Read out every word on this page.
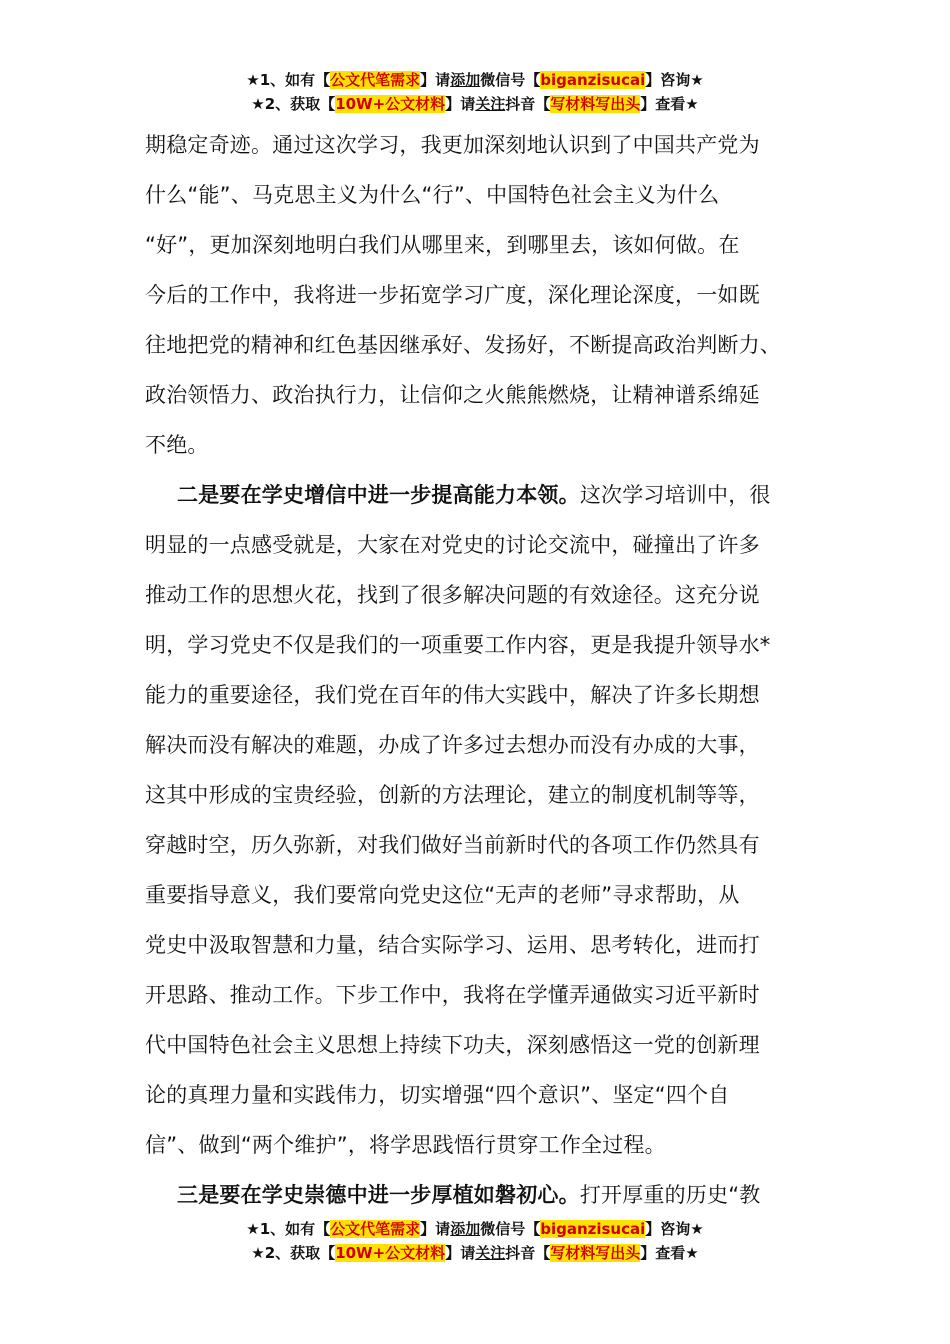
★1、如有【公文代笔需求】请添加微信号【biganzisucai】咨询★
★2、获取【10W+公文材料】请关注抖音【写材料写出头】查看★
期稳定奇迹。通过这次学习，我更加深刻地认识到了中国共产党为
什么“能”、马克思主义为什么“行”、中国特色社会主义为什么
“好”，更加深刻地明白我们从哪里来，到哪里去，该如何做。在
今后的工作中，我将进一步拓宽学习广度，深化理论深度，一如既
往地把党的精神和红色基因继承好、发扬好，不断提高政治判断力、
政治领悟力、政治执行力，让信仰之火熊熊燃烧，让精神谱系绵延
不绝。
二是要在学史增信中进一步提高能力本领。这次学习培训中，很
明显的一点感受就是，大家在对党史的讨论交流中，碰撞出了许多
推动工作的思想火花，找到了很多解决问题的有效途径。这充分说
明，学习党史不仅是我们的一项重要工作内容，更是我提升领导水*
能力的重要途径，我们党在百年的伟大实践中，解决了许多长期想
解决而没有解决的难题，办成了许多过去想办而没有办成的大事，
这其中形成的宝贵经验，创新的方法理论，建立的制度机制等等，
穿越时空，历久弥新，对我们做好当前新时代的各项工作仍然具有
重要指导意义，我们要常向党史这位“无声的老师”寻求帮助，从
党史中汲取智慧和力量，结合实际学习、运用、思考转化，进而打
开思路、推动工作。下步工作中，我将在学懂弄通做实习近平新时
代中国特色社会主义思想上持续下功夫，深刻感悟这一党的创新理
论的真理力量和实践伟力，切实增强“四个意识”、坚定“四个自
信”、做到“两个维护”，将学思践悟行贯穿工作全过程。
三是要在学史崇德中进一步厚植如磐初心。打开厚重的历史“教
★1、如有【公文代笔需求】请添加微信号【biganzisucai】咨询★
★2、获取【10W+公文材料】请关注抖音【写材料写出头】查看★
